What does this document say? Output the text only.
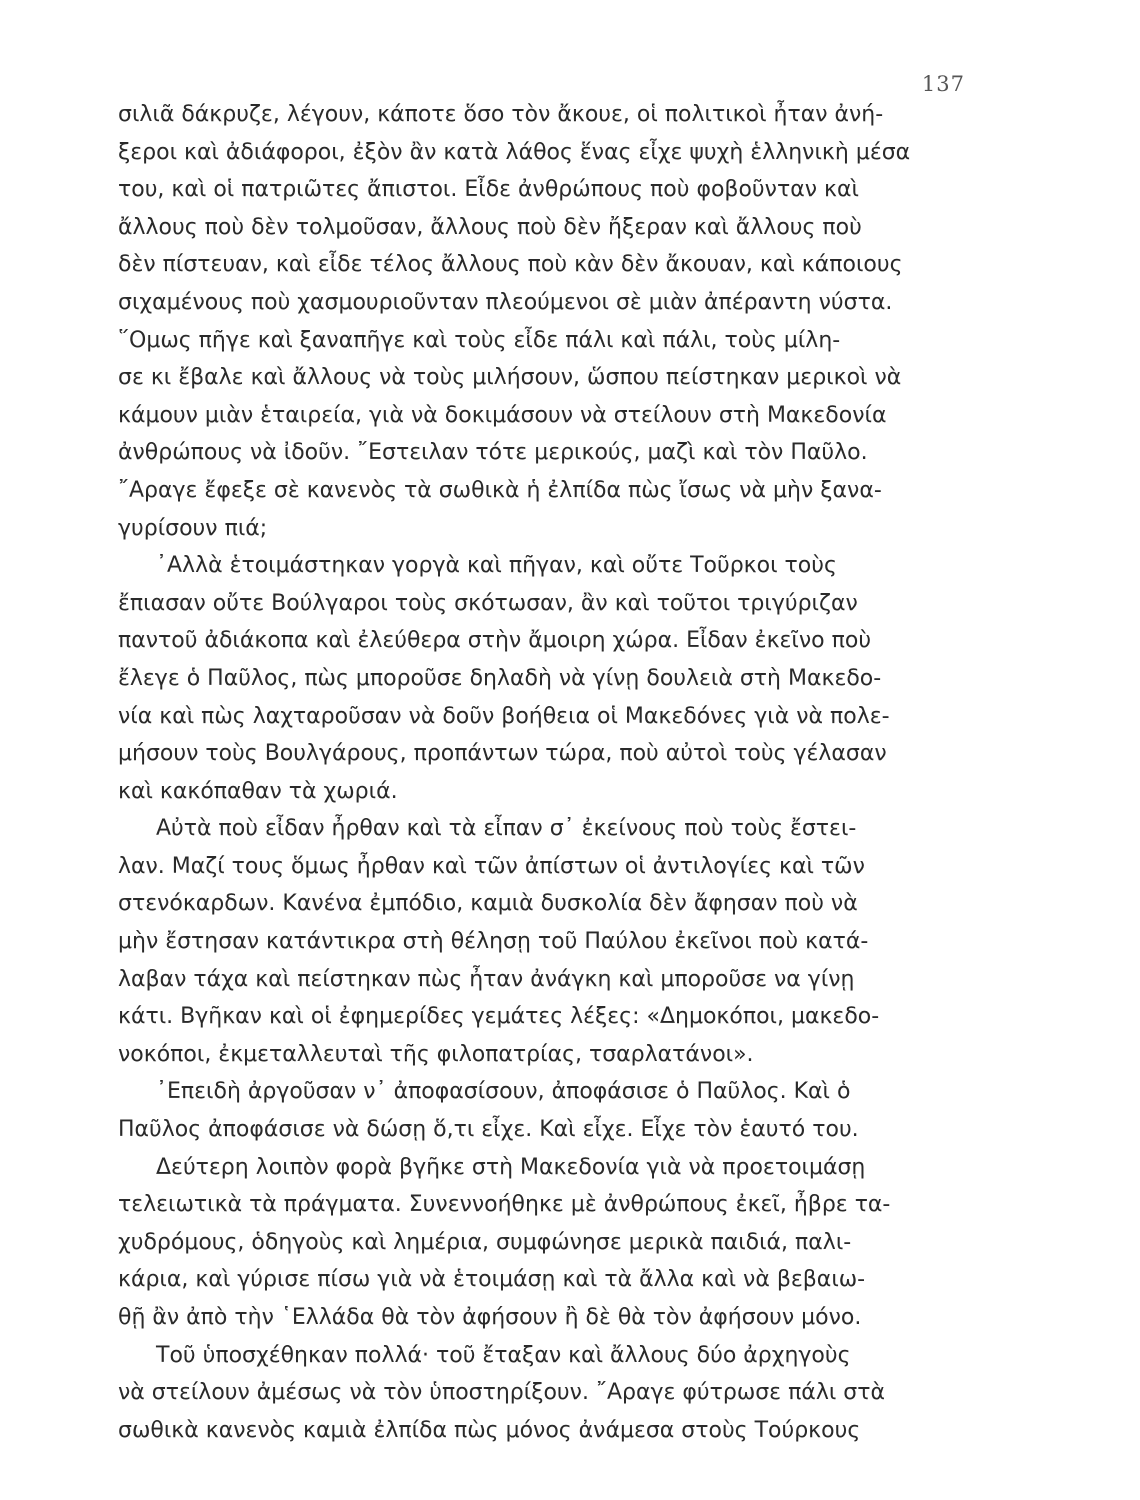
137
σιλιᾶ δάκρυζε, λέγουν, κάποτε ὅσο τὸν ἄκουε, οἱ πολιτικοὶ ἦταν ἀνή-
ξεροι καὶ ἀδιάφοροι, ἐξὸν ἂν κατὰ λάθος ἕνας εἶχε ψυχὴ ἑλληνικὴ μέσα
του, καὶ οἱ πατριῶτες ἄπιστοι. Εἶδε ἀνθρώπους ποὺ φοβοῦνταν καὶ
ἄλλους ποὺ δὲν τολμοῦσαν, ἄλλους ποὺ δὲν ἤξεραν καὶ ἄλλους ποὺ
δὲν πίστευαν, καὶ εἶδε τέλος ἄλλους ποὺ κὰν δὲν ἄκουαν, καὶ κάποιους
σιχαμένους ποὺ χασμουριοῦνταν πλεούμενοι σὲ μιὰν ἀπέραντη νύστα.
῞Ομως πῆγε καὶ ξαναπῆγε καὶ τοὺς εἶδε πάλι καὶ πάλι, τοὺς μίλη-
σε κι ἔβαλε καὶ ἄλλους νὰ τοὺς μιλήσουν, ὥσπου πείστηκαν μερικοὶ νὰ
κάμουν μιὰν ἑταιρεία, γιὰ νὰ δοκιμάσουν νὰ στείλουν στὴ Μακεδονία
ἀνθρώπους νὰ ἰδοῦν. ῎Εστειλαν τότε μερικούς, μαζὶ καὶ τὸν Παῦλο.
῎Αραγε ἔφεξε σὲ κανενὸς τὰ σωθικὰ ἡ ἐλπίδα πὼς ἴσως νὰ μὴν ξανα-
γυρίσουν πιά;
᾽Αλλὰ ἑτοιμάστηκαν γοργὰ καὶ πῆγαν, καὶ οὔτε Τοῦρκοι τοὺς
ἔπιασαν οὔτε Βούλγαροι τοὺς σκότωσαν, ἂν καὶ τοῦτοι τριγύριζαν
παντοῦ ἀδιάκοπα καὶ ἐλεύθερα στὴν ἄμοιρη χώρα. Εἶδαν ἐκεῖνο ποὺ
ἔλεγε ὁ Παῦλος, πὼς μποροῦσε δηλαδὴ νὰ γίνῃ δουλειὰ στὴ Μακεδο-
νία καὶ πὼς λαχταροῦσαν νὰ δοῦν βοήθεια οἱ Μακεδόνες γιὰ νὰ πολε-
μήσουν τοὺς Βουλγάρους, προπάντων τώρα, ποὺ αὐτοὶ τοὺς γέλασαν
καὶ κακόπαθαν τὰ χωριά.
Αὐτὰ ποὺ εἶδαν ἦρθαν καὶ τὰ εἶπαν σ᾽ ἐκείνους ποὺ τοὺς ἔστει-
λαν. Μαζί τους ὅμως ἦρθαν καὶ τῶν ἀπίστων οἱ ἀντιλογίες καὶ τῶν
στενόκαρδων. Κανένα ἐμπόδιο, καμιὰ δυσκολία δὲν ἄφησαν ποὺ νὰ
μὴν ἔστησαν κατάντικρα στὴ θέλησῃ τοῦ Παύλου ἐκεῖνοι ποὺ κατά-
λαβαν τάχα καὶ πείστηκαν πὼς ἦταν ἀνάγκη καὶ μποροῦσε να γίνῃ
κάτι. Βγῆκαν καὶ οἱ ἐφημερίδες γεμάτες λέξες: «Δημοκόποι, μακεδο-
νοκόποι, ἐκμεταλλευταὶ τῆς φιλοπατρίας, τσαρλατάνοι».
᾽Επειδὴ ἀργοῦσαν ν᾽ ἀποφασίσουν, ἀποφάσισε ὁ Παῦλος. Καὶ ὁ
Παῦλος ἀποφάσισε νὰ δώσῃ ὅ,τι εἶχε. Καὶ εἶχε. Εἶχε τὸν ἑαυτό του.
Δεύτερη λοιπὸν φορὰ βγῆκε στὴ Μακεδονία γιὰ νὰ προετοιμάσῃ
τελειωτικὰ τὰ πράγματα. Συνεννοήθηκε μὲ ἀνθρώπους ἐκεῖ, ἦβρε τα-
χυδρόμους, ὁδηγοὺς καὶ λημέρια, συμφώνησε μερικὰ παιδιά, παλι-
κάρια, καὶ γύρισε πίσω γιὰ νὰ ἑτοιμάσῃ καὶ τὰ ἄλλα καὶ νὰ βεβαιω-
θῇ ἂν ἀπὸ τὴν ῾Ελλάδα θὰ τὸν ἀφήσουν ἢ δὲ θὰ τὸν ἀφήσουν μόνο.
Τοῦ ὑποσχέθηκαν πολλά· τοῦ ἔταξαν καὶ ἄλλους δύο ἀρχηγοὺς
νὰ στείλουν ἀμέσως νὰ τὸν ὑποστηρίξουν. ῎Αραγε φύτρωσε πάλι στὰ
σωθικὰ κανενὸς καμιὰ ἐλπίδα πὼς μόνος ἀνάμεσα στοὺς Τούρκους
